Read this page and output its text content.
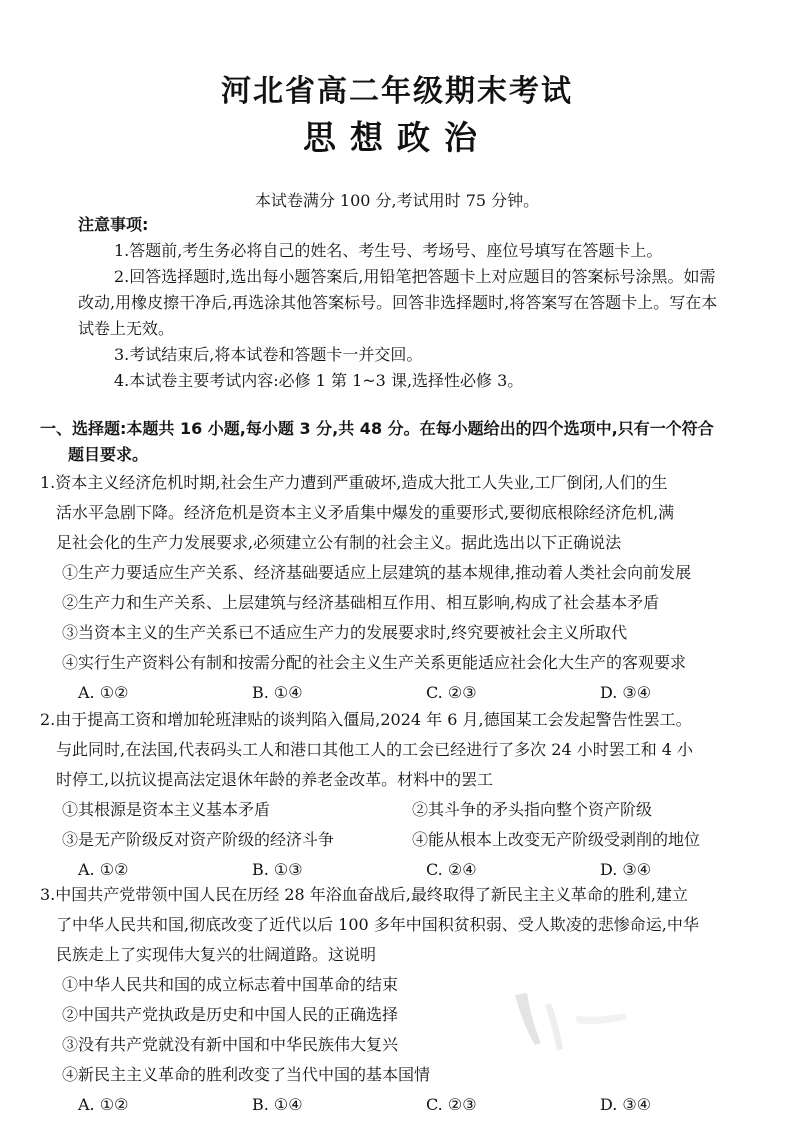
河北省高二年级期末考试
思想政治
本试卷满分 100 分,考试用时 75 分钟。
注意事项:
1.答题前,考生务必将自己的姓名、考生号、考场号、座位号填写在答题卡上。
2.回答选择题时,选出每小题答案后,用铅笔把答题卡上对应题目的答案标号涂黑。如需改动,用橡皮擦干净后,再选涂其他答案标号。回答非选择题时,将答案写在答题卡上。写在本试卷上无效。
3.考试结束后,将本试卷和答题卡一并交回。
4.本试卷主要考试内容:必修 1 第 1~3 课,选择性必修 3。
一、选择题:本题共 16 小题,每小题 3 分,共 48 分。在每小题给出的四个选项中,只有一个符合
题目要求。
1.资本主义经济危机时期,社会生产力遭到严重破坏,造成大批工人失业,工厂倒闭,人们的生
活水平急剧下降。经济危机是资本主义矛盾集中爆发的重要形式,要彻底根除经济危机,满
足社会化的生产力发展要求,必须建立公有制的社会主义。据此选出以下正确说法
①生产力要适应生产关系、经济基础要适应上层建筑的基本规律,推动着人类社会向前发展
②生产力和生产关系、上层建筑与经济基础相互作用、相互影响,构成了社会基本矛盾
③当资本主义的生产关系已不适应生产力的发展要求时,终究要被社会主义所取代
④实行生产资料公有制和按需分配的社会主义生产关系更能适应社会化大生产的客观要求
A. ①②	B. ①④	C. ②③	D. ③④
2.由于提高工资和增加轮班津贴的谈判陷入僵局,2024 年 6 月,德国某工会发起警告性罢工。
与此同时,在法国,代表码头工人和港口其他工人的工会已经进行了多次 24 小时罢工和 4 小
时停工,以抗议提高法定退休年龄的养老金改革。材料中的罢工
①其根源是资本主义基本矛盾	②其斗争的矛头指向整个资产阶级
③是无产阶级反对资产阶级的经济斗争	④能从根本上改变无产阶级受剥削的地位
A. ①②	B. ①③	C. ②④	D. ③④
3.中国共产党带领中国人民在历经 28 年浴血奋战后,最终取得了新民主主义革命的胜利,建立
了中华人民共和国,彻底改变了近代以后 100 多年中国积贫积弱、受人欺凌的悲惨命运,中华
民族走上了实现伟大复兴的壮阔道路。这说明
①中华人民共和国的成立标志着中国革命的结束
②中国共产党执政是历史和中国人民的正确选择
③没有共产党就没有新中国和中华民族伟大复兴
④新民主主义革命的胜利改变了当代中国的基本国情
A. ①②	B. ①④	C. ②③	D. ③④
